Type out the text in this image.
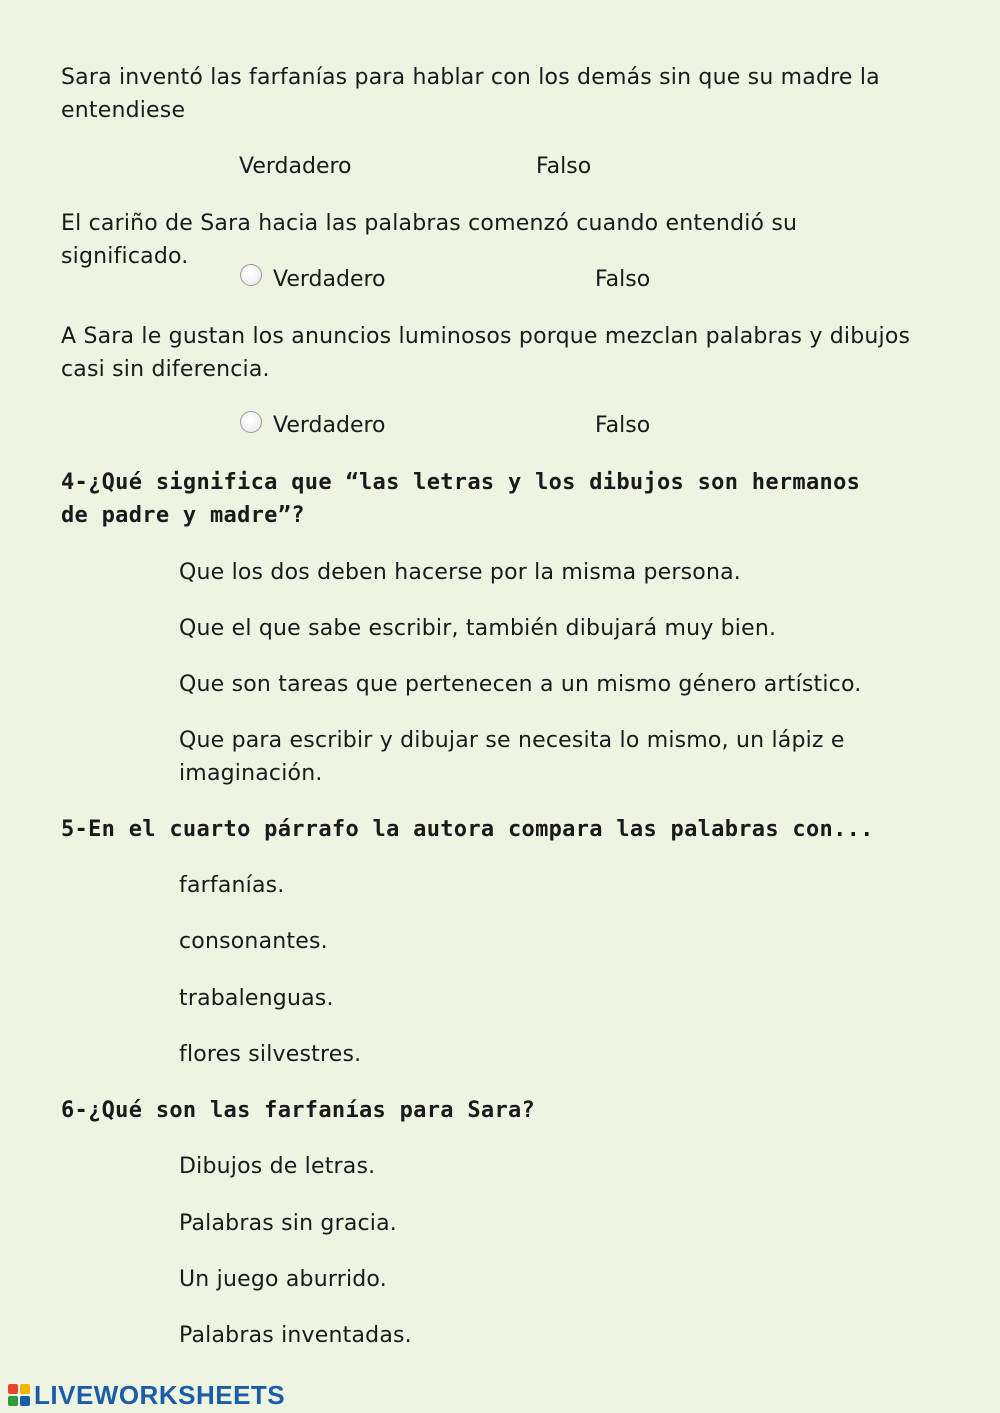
Sara inventó las farfanías para hablar con los demás sin que su madre la entendiese
Verdadero	Falso
El cariño de Sara hacia las palabras comenzó cuando entendió su significado.
Verdadero	Falso
A Sara le gustan los anuncios luminosos porque mezclan palabras y dibujos casi sin diferencia.
Verdadero	Falso
4-¿Qué significa que “las letras y los dibujos son hermanos de padre y madre”?
Que los dos deben hacerse por la misma persona.
Que el que sabe escribir, también dibujará muy bien.
Que son tareas que pertenecen a un mismo género artístico.
Que para escribir y dibujar se necesita lo mismo, un lápiz e imaginación.
5-En el cuarto párrafo la autora compara las palabras con...
farfanías.
consonantes.
trabalenguas.
flores silvestres.
6-¿Qué son las farfanías para Sara?
Dibujos de letras.
Palabras sin gracia.
Un juego aburrido.
Palabras inventadas.
LIVEWORKSHEETS
